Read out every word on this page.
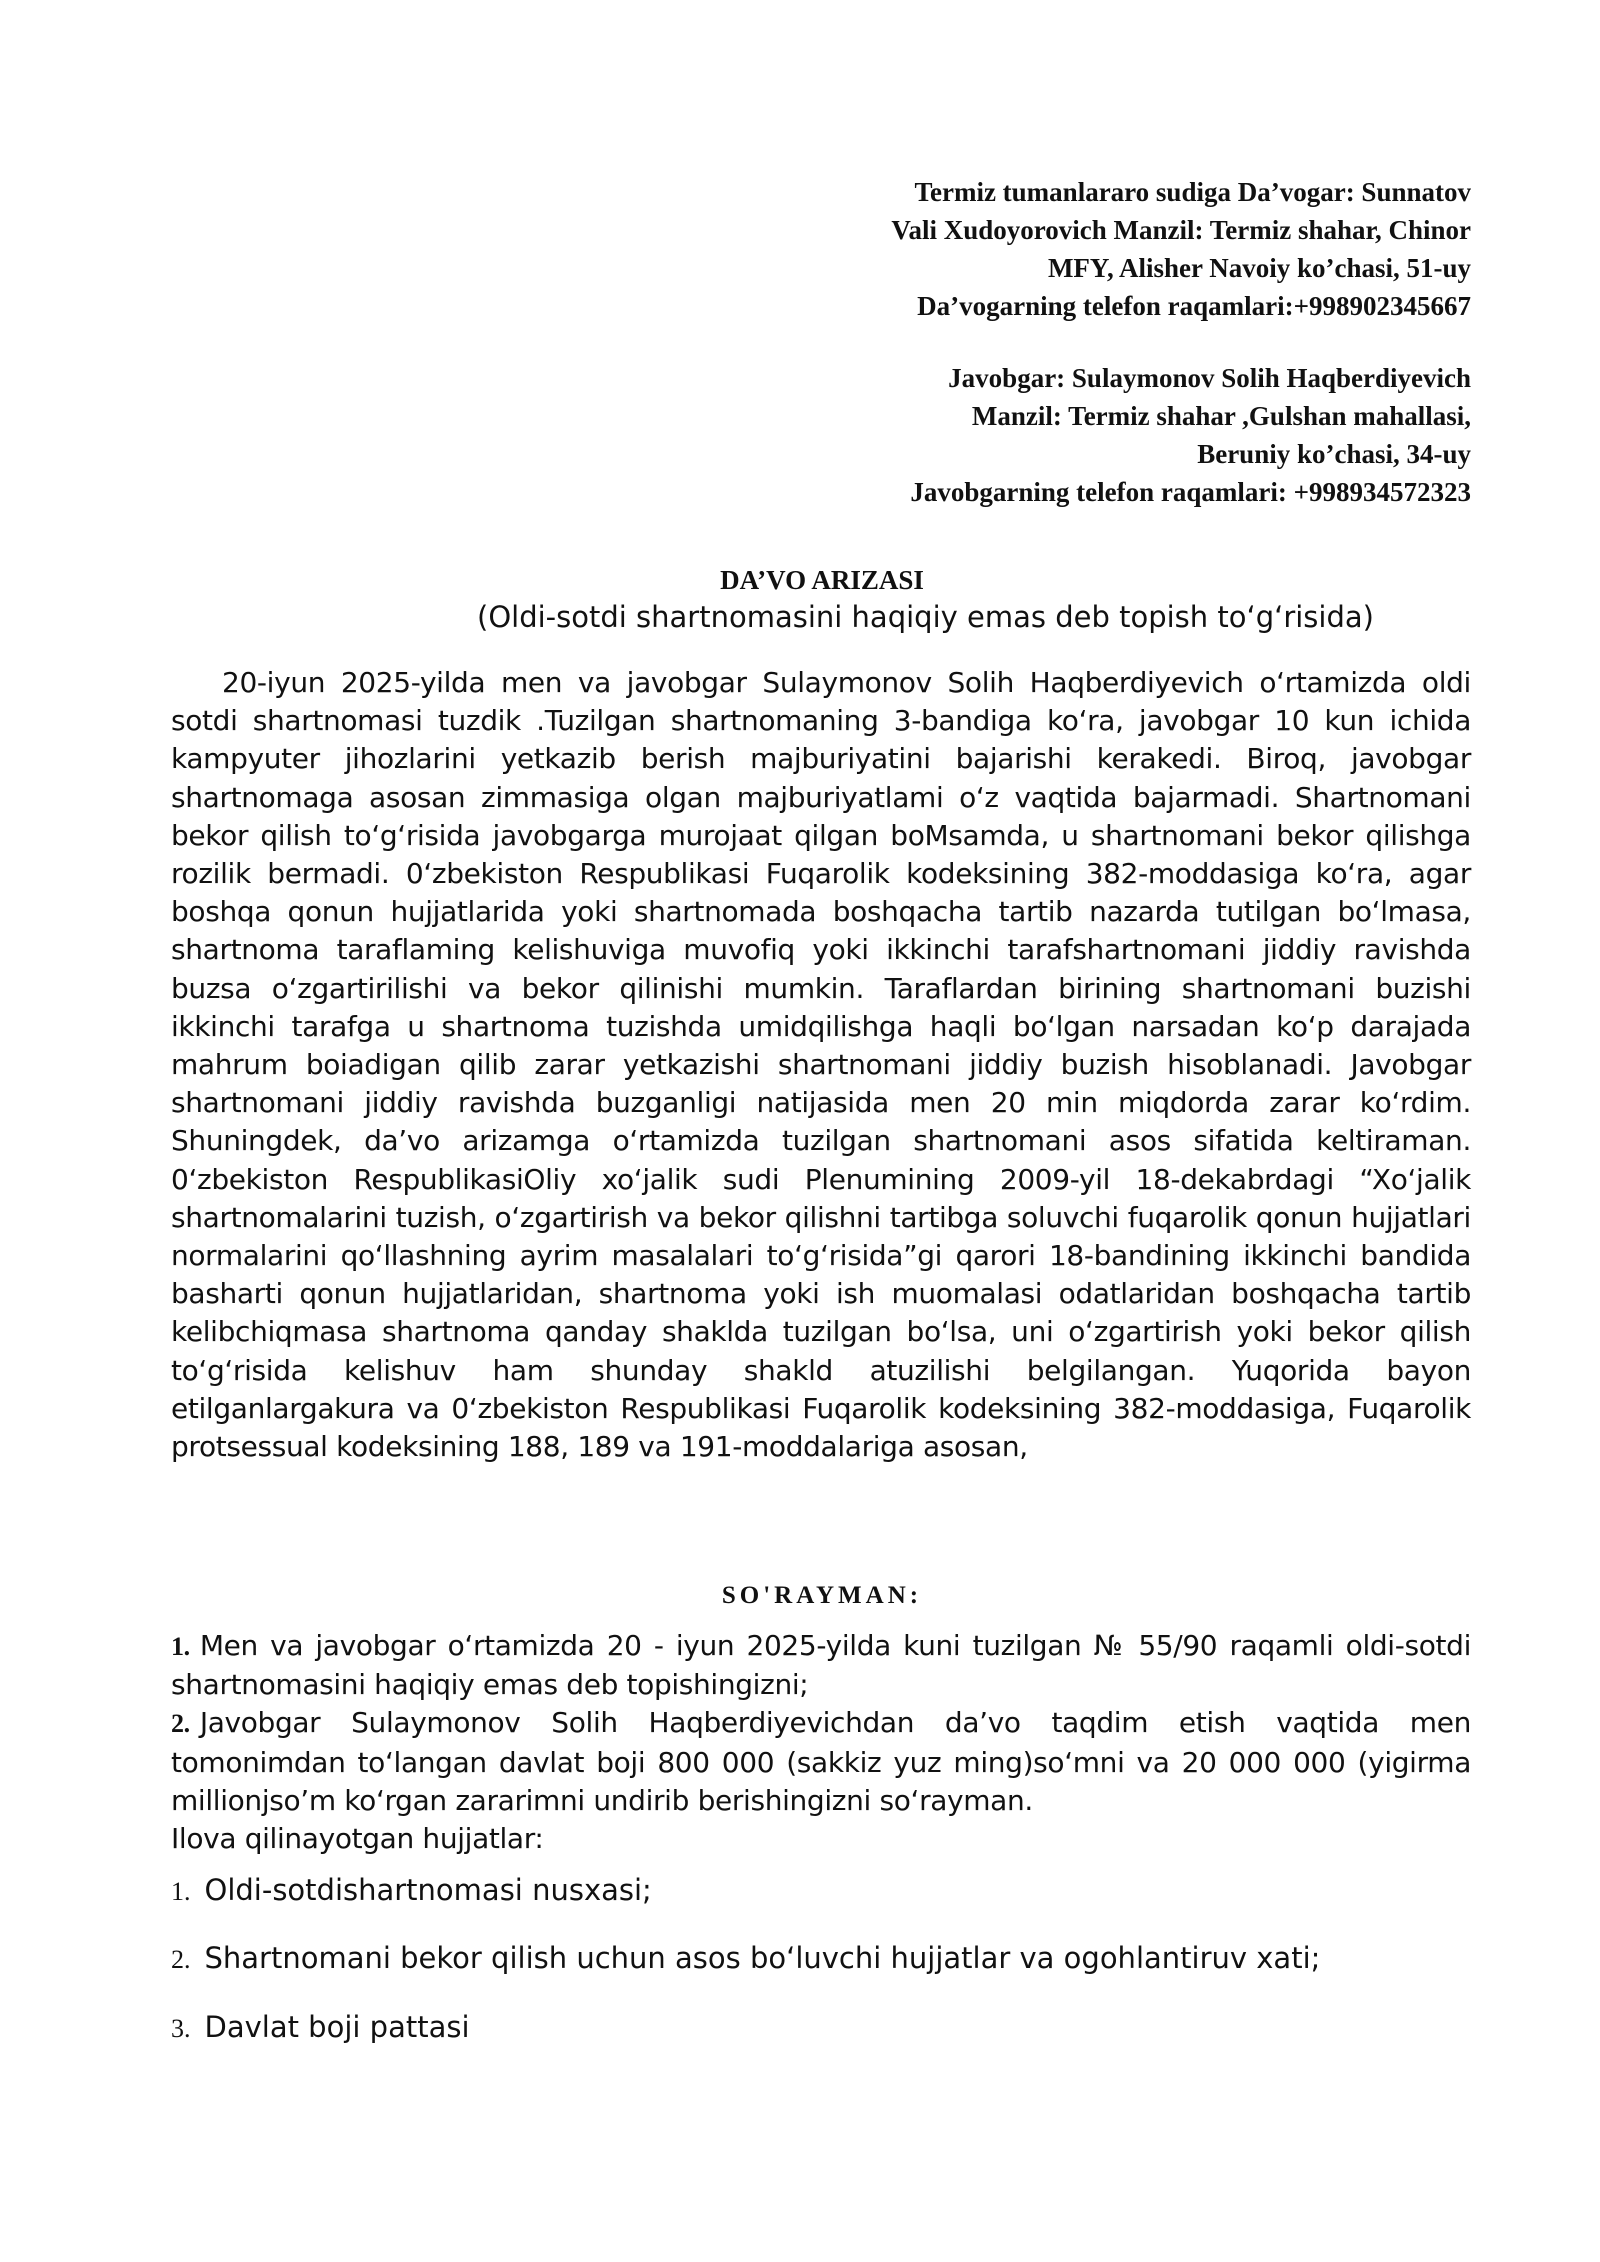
Termiz tumanlararo sudiga Da’vogar: Sunnatov
Vali Xudoyorovich Manzil: Termiz shahar, Chinor
MFY, Alisher Navoiy ko’chasi, 51-uy
Da’vogarning telefon raqamlari:+998902345667
Javobgar: Sulaymonov Solih Haqberdiyevich
Manzil: Termiz shahar ,Gulshan mahallasi,
Beruniy ko’chasi, 34-uy
Javobgarning telefon raqamlari: +998934572323
DA’VO ARIZASI
(Oldi-sotdi shartnomasini haqiqiy emas deb topish to‘g‘risida)

20-iyun 2025-yilda men va javobgar Sulaymonov Solih Haqberdiyevich o‘rtamizda oldi sotdi shartnomasi tuzdik .Tuzilgan shartnomaning 3-bandiga ko‘ra, javobgar 10 kun ichida kampyuter jihozlarini yetkazib berish majburiyatini bajarishi kerakedi. Biroq, javobgar shartnomaga asosan zimmasiga olgan majburiyatlami o‘z vaqtida bajarmadi. Shartnomani bekor qilish to‘g‘risida javobgarga murojaat qilgan boMsamda, u shartnomani bekor qilishga rozilik bermadi. 0‘zbekiston Respublikasi Fuqarolik kodeksining 382-moddasiga ko‘ra, agar boshqa qonun hujjatlarida yoki shartnomada boshqacha tartib nazarda tutilgan bo‘lmasa, shartnoma taraflaming kelishuviga muvofiq yoki ikkinchi tarafshartnomani jiddiy ravishda buzsa o‘zgartirilishi va bekor qilinishi mumkin. Taraflardan birining shartnomani buzishi ikkinchi tarafga u shartnoma tuzishda umidqilishga haqli bo‘lgan narsadan ko‘p darajada mahrum boiadigan qilib zarar yetkazishi shartnomani jiddiy buzish hisoblanadi. Javobgar shartnomani jiddiy ravishda buzganligi natijasida men 20 min miqdorda zarar ko‘rdim. Shuningdek, da’vo arizamga o‘rtamizda tuzilgan shartnomani asos sifatida keltiraman. 0‘zbekiston RespublikasiOliy xo‘jalik sudi Plenumining 2009-yil 18-dekabrdagi “Xo‘jalik shartnomalarini tuzish, o‘zgartirish va bekor qilishni tartibga soluvchi fuqarolik qonun hujjatlari normalarini qo‘llashning ayrim masalalari to‘g‘risida”gi qarori 18-bandining ikkinchi bandida basharti qonun hujjatlaridan, shartnoma yoki ish muomalasi odatlaridan boshqacha tartib kelibchiqmasa shartnoma qanday shaklda tuzilgan bo‘lsa, uni o‘zgartirish yoki bekor qilish to‘g‘risida kelishuv ham shunday shakld atuzilishi belgilangan. Yuqorida bayon etilganlargakura va 0‘zbekiston Respublikasi Fuqarolik kodeksining 382-moddasiga, Fuqarolik protsessual kodeksining 188, 189 va 191-moddalariga asosan,

SO'RAYMAN:

1. Men va javobgar o‘rtamizda 20 - iyun 2025-yilda kuni tuzilgan № 55/90 raqamli oldi-sotdi shartnomasini haqiqiy emas deb topishingizni;

2. Javobgar Sulaymonov Solih Haqberdiyevichdan da’vo taqdim etish vaqtida men tomonimdan to‘langan davlat boji 800 000 (sakkiz yuz ming)so‘mni va 20 000 000 (yigirma millionjso’m ko‘rgan zararimni undirib berishingizni so‘rayman.

Ilova qilinayotgan hujjatlar:

1. Oldi-sotdishartnomasi nusxasi;
2. Shartnomani bekor qilish uchun asos bo‘luvchi hujjatlar va ogohlantiruv xati;
3. Davlat boji pattasi
